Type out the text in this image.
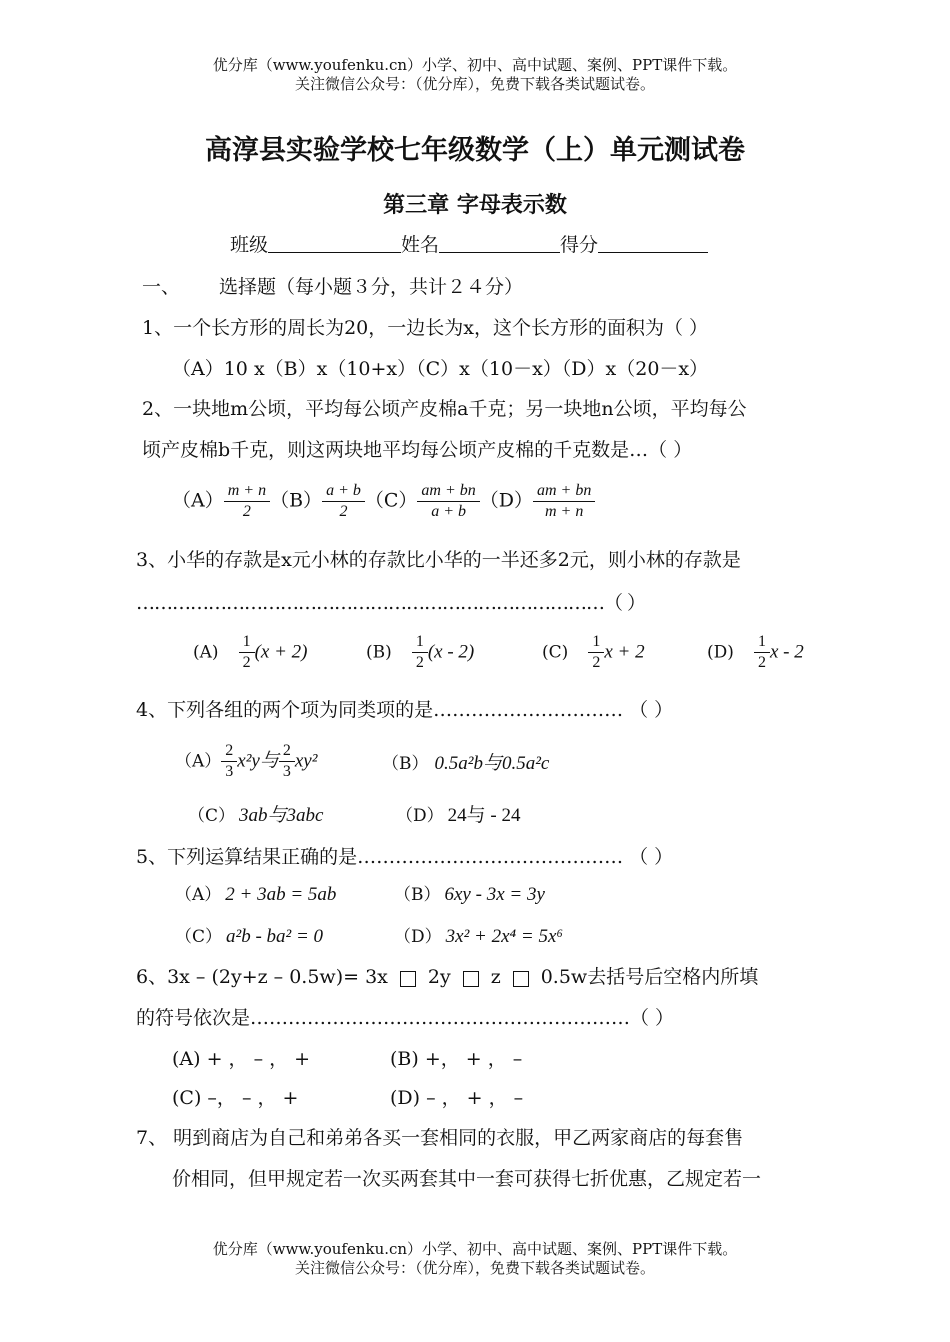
优分库（www.youfenku.cn）小学、初中、高中试题、案例、PPT课件下载。
关注微信公众号：（优分库），免费下载各类试题试卷。
高淳县实验学校七年级数学（上）单元测试卷
第三章 字母表示数
班级	姓名	得分
一、 选择题（每小题３分，共计２４分）
1、一个长方形的周长为20，一边长为x，这个长方形的面积为（ ）
（A）10 x（B）x（10+x）（C）x（10－x）（D）x（20－x）
2、一块地m公顷，平均每公顷产皮棉a千克；另一块地n公顷，平均每公
顷产皮棉b千克，则这两块地平均每公顷产皮棉的千克数是…（ ）
$(A) \frac{m + n}{2} (B) \frac{a + b}{2} (C) \frac{am + bn}{a + b} (D) \frac{am + bn}{m + n}$
3、小华的存款是x元小林的存款比小华的一半还多2元，则小林的存款是
……………………………………………………………………（ ）
$(A) \frac{1}{2} (x + 2)$	$(B) \frac{1}{2} (x - 2)$	$(C) \frac{1}{2}$ x + 2	$(D) \frac{1}{2}$ x - 2
4、下列各组的两个项为同类项的是………………………… （ ）
$(A) \frac{2}{3} x^2y$与 $\frac{2}{3} xy^2$	（B） 0.5a²b与0.5a²c
（C） 3ab与3abc	（D） 24与 - 24
5、下列运算结果正确的是…………………………………… （ ）
（A） 2 + 3ab = 5ab	（B） 6xy - 3x = 3y
（C） a²b - ba² = 0	（D） 3x² + 2x⁴ = 5x⁶
6、3x – (2y+z – 0.5w)= 3x 2y z 0.5w去括号后空格内所填
的符号依次是……………………………………………………（ ）
(A) + ， – ， +	(B) +， + ， –
(C) –， – ， +	(D) – ， + ， –
7、 明到商店为自己和弟弟各买一套相同的衣服，甲乙两家商店的每套售
价相同，但甲规定若一次买两套其中一套可获得七折优惠，乙规定若一
优分库（www.youfenku.cn）小学、初中、高中试题、案例、PPT课件下载。
关注微信公众号：（优分库），免费下载各类试题试卷。
